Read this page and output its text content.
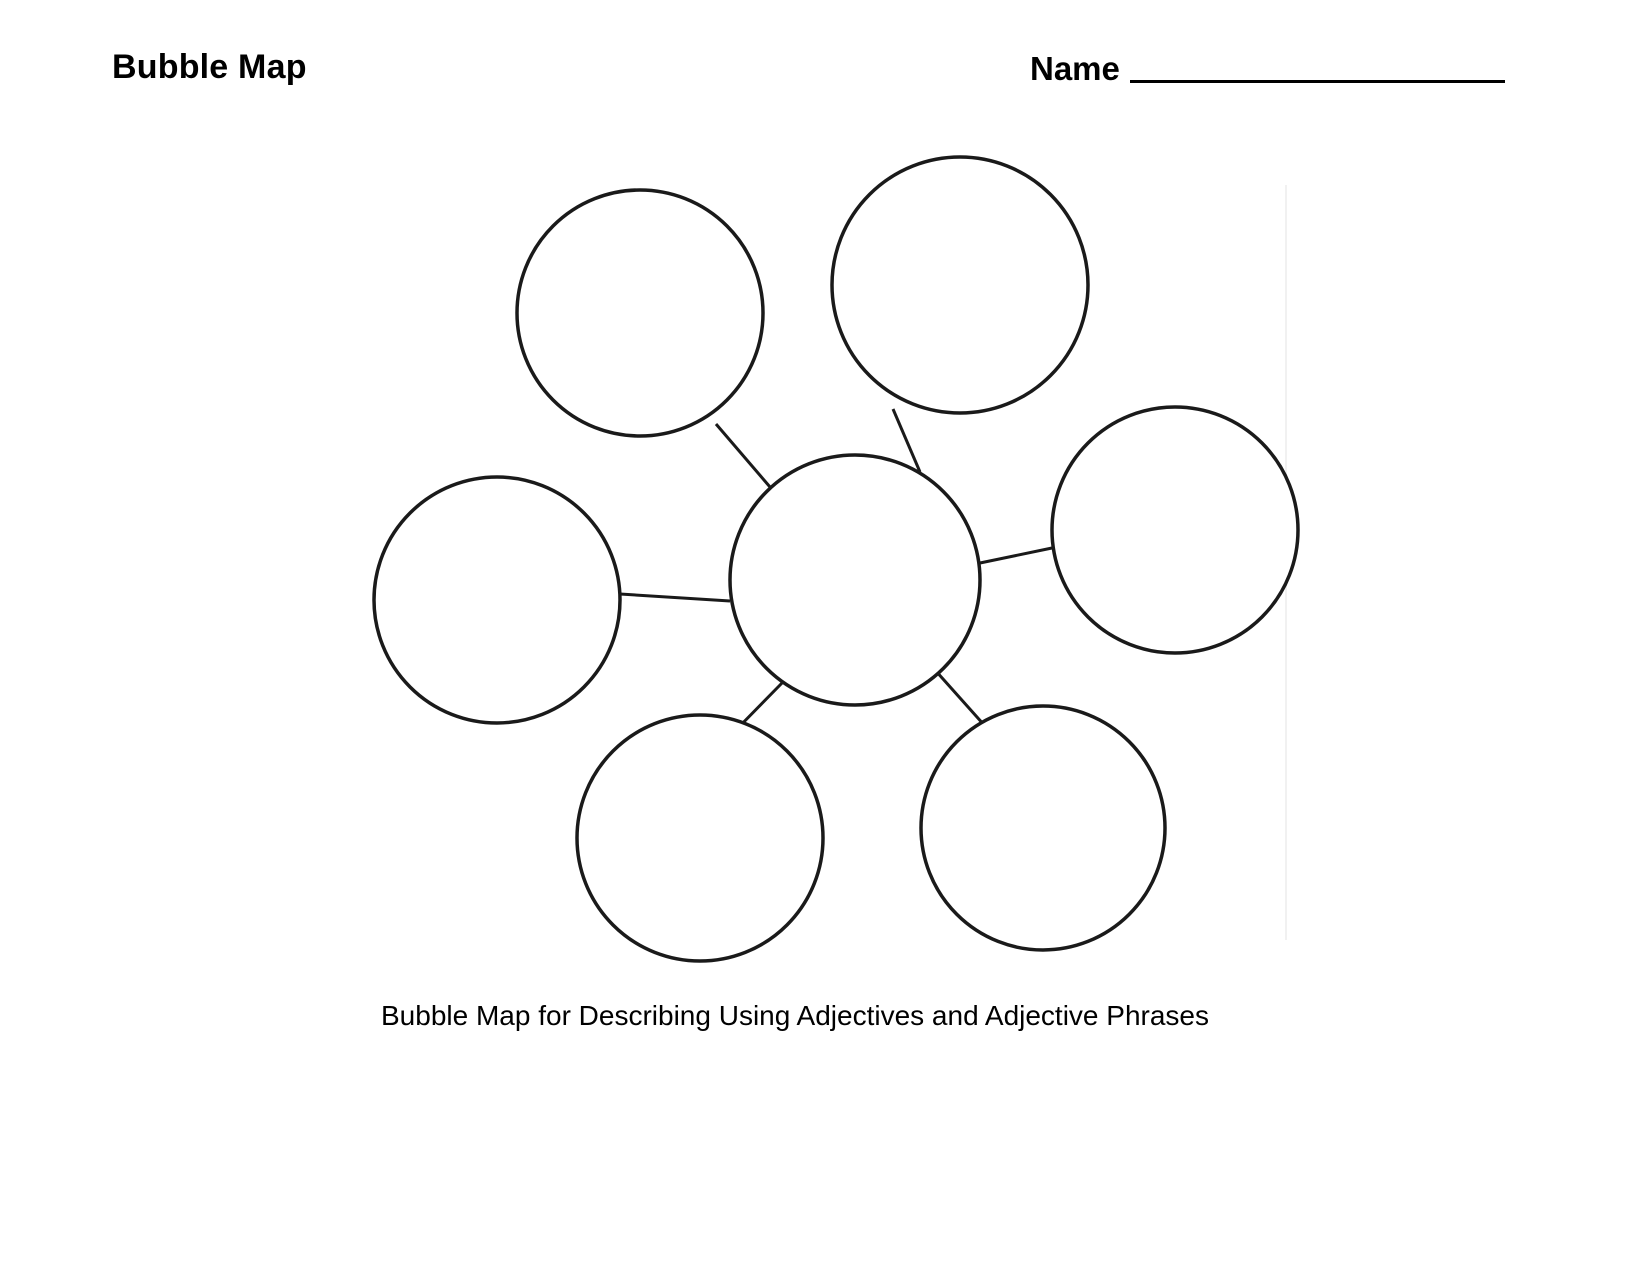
Bubble Map	Name
Bubble Map for Describing Using Adjectives and Adjective Phrases
